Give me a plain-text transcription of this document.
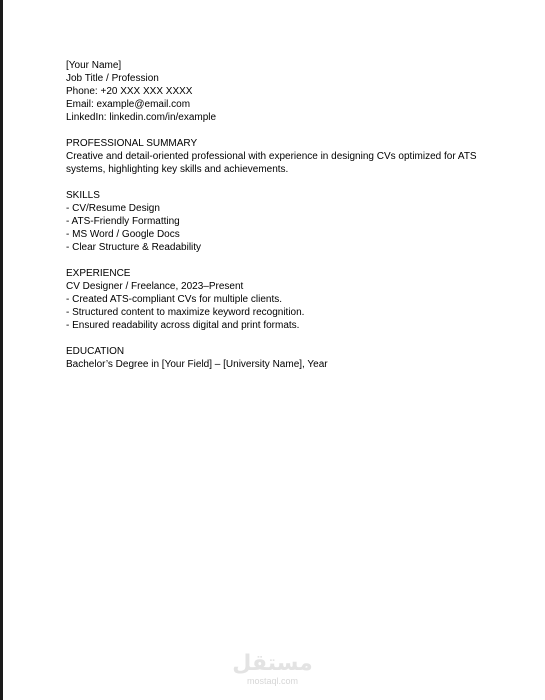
[Your Name]
Job Title / Profession
Phone: +20 XXX XXX XXXX
Email: example@email.com
LinkedIn: linkedin.com/in/example
PROFESSIONAL SUMMARY
Creative and detail-oriented professional with experience in designing CVs optimized for ATS
systems, highlighting key skills and achievements.
SKILLS
- CV/Resume Design
- ATS-Friendly Formatting
- MS Word / Google Docs
- Clear Structure & Readability
EXPERIENCE
CV Designer / Freelance, 2023–Present
- Created ATS-compliant CVs for multiple clients.
- Structured content to maximize keyword recognition.
- Ensured readability across digital and print formats.
EDUCATION
Bachelor’s Degree in [Your Field] – [University Name], Year
مستقل
mostaql.com
